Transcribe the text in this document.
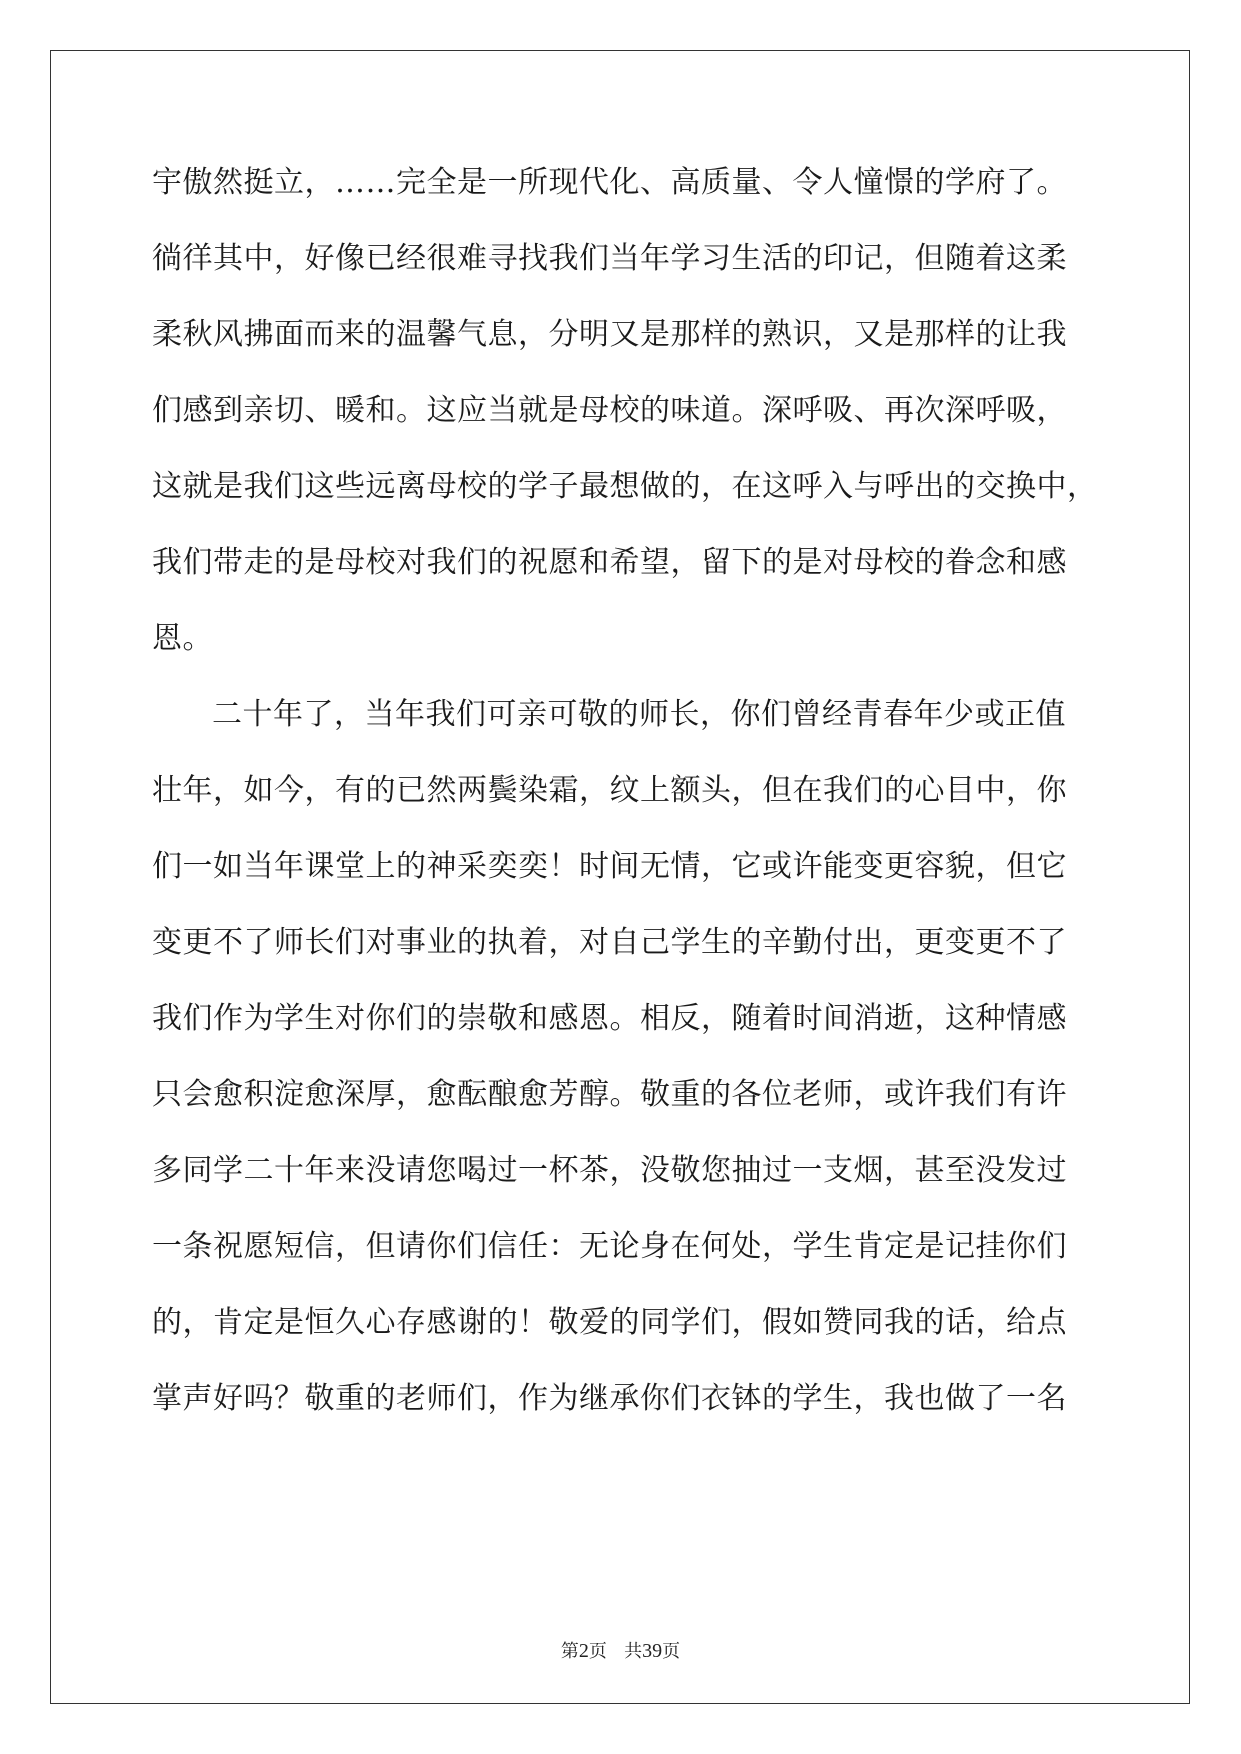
宇傲然挺立，……完全是一所现代化、高质量、令人憧憬的学府了。
徜徉其中，好像已经很难寻找我们当年学习生活的印记，但随着这柔
柔秋风拂面而来的温馨气息，分明又是那样的熟识，又是那样的让我
们感到亲切、暖和。这应当就是母校的味道。深呼吸、再次深呼吸，
这就是我们这些远离母校的学子最想做的，在这呼入与呼出的交换中，
我们带走的是母校对我们的祝愿和希望，留下的是对母校的眷念和感
恩。
二十年了，当年我们可亲可敬的师长，你们曾经青春年少或正值
壮年，如今，有的已然两鬓染霜，纹上额头，但在我们的心目中，你
们一如当年课堂上的神采奕奕！时间无情，它或许能变更容貌，但它
变更不了师长们对事业的执着，对自己学生的辛勤付出，更变更不了
我们作为学生对你们的崇敬和感恩。相反，随着时间消逝，这种情感
只会愈积淀愈深厚，愈酝酿愈芳醇。敬重的各位老师，或许我们有许
多同学二十年来没请您喝过一杯茶，没敬您抽过一支烟，甚至没发过
一条祝愿短信，但请你们信任：无论身在何处，学生肯定是记挂你们
的，肯定是恒久心存感谢的！敬爱的同学们，假如赞同我的话，给点
掌声好吗？敬重的老师们，作为继承你们衣钵的学生，我也做了一名
第2页 共39页
